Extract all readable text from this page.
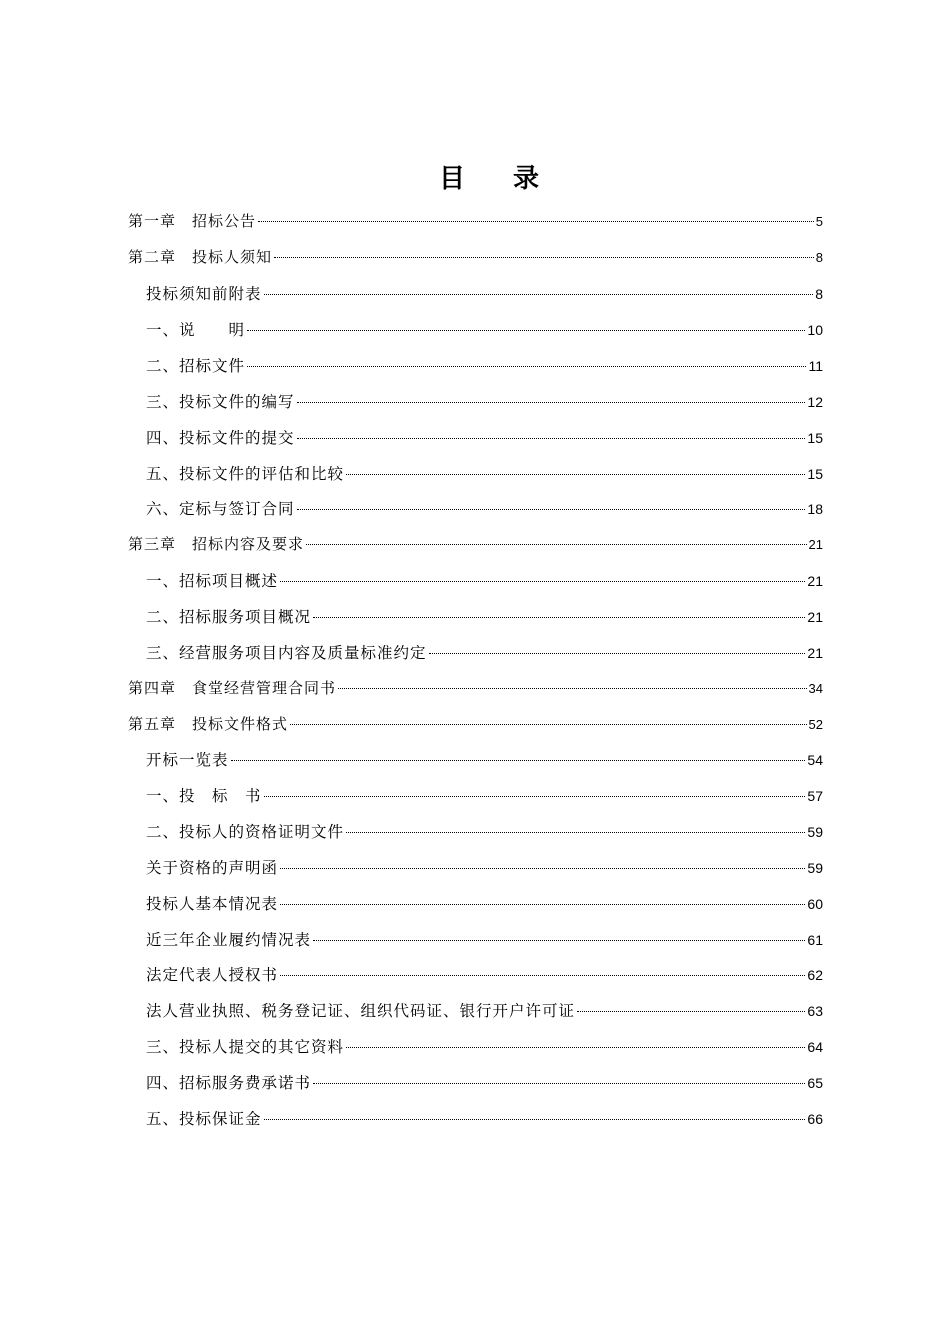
目 录
第一章　招标公告	5
第二章　投标人须知	8
投标须知前附表	8
一、说　　明	10
二、招标文件	11
三、投标文件的编写	12
四、投标文件的提交	15
五、投标文件的评估和比较	15
六、定标与签订合同	18
第三章　招标内容及要求	21
一、招标项目概述	21
二、招标服务项目概况	21
三、经营服务项目内容及质量标准约定	21
第四章　食堂经营管理合同书	34
第五章　投标文件格式	52
开标一览表	54
一、投　标　书	57
二、投标人的资格证明文件	59
关于资格的声明函	59
投标人基本情况表	60
近三年企业履约情况表	61
法定代表人授权书	62
法人营业执照、税务登记证、组织代码证、银行开户许可证	63
三、投标人提交的其它资料	64
四、招标服务费承诺书	65
五、投标保证金	66
